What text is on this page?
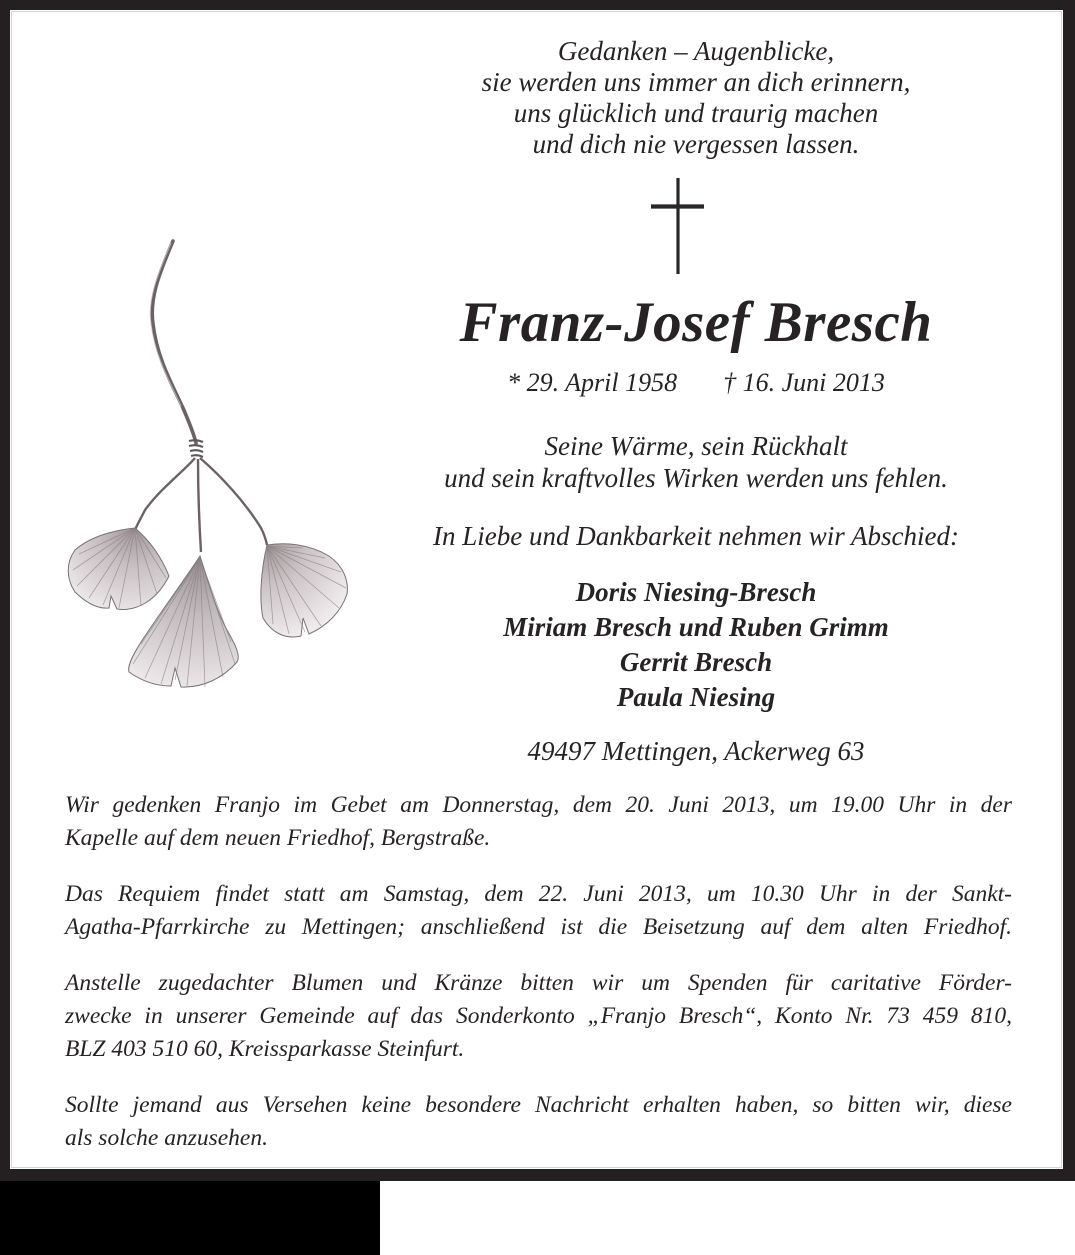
Gedanken – Augenblicke,
sie werden uns immer an dich erinnern,
uns glücklich und traurig machen
und dich nie vergessen lassen.
Franz-Josef Bresch
* 29. April 1958 † 16. Juni 2013
Seine Wärme, sein Rückhalt
und sein kraftvolles Wirken werden uns fehlen.
In Liebe und Dankbarkeit nehmen wir Abschied:
Doris Niesing-Bresch
Miriam Bresch und Ruben Grimm
Gerrit Bresch
Paula Niesing
49497 Mettingen, Ackerweg 63
Wir gedenken Franjo im Gebet am Donnerstag, dem 20. Juni 2013, um 19.00 Uhr in der
Kapelle auf dem neuen Friedhof, Bergstraße.
Das Requiem findet statt am Samstag, dem 22. Juni 2013, um 10.30 Uhr in der Sankt-
Agatha-Pfarrkirche zu Mettingen; anschließend ist die Beisetzung auf dem alten Friedhof.
Anstelle zugedachter Blumen und Kränze bitten wir um Spenden für caritative Förder-
zwecke in unserer Gemeinde auf das Sonderkonto „Franjo Bresch“, Konto Nr. 73 459 810,
BLZ 403 510 60, Kreissparkasse Steinfurt.
Sollte jemand aus Versehen keine besondere Nachricht erhalten haben, so bitten wir, diese
als solche anzusehen.
